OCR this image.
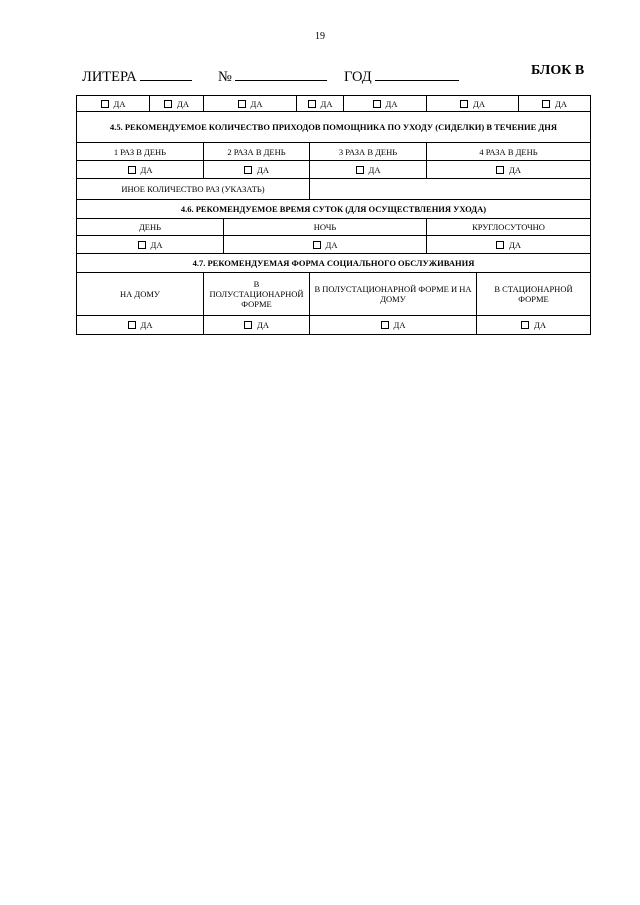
19
ЛИТЕРА	№	ГОД	БЛОК В
ДА	ДА	ДА		ДА		ДА	ДА		ДА
4.5. РЕКОМЕНДУЕМОЕ КОЛИЧЕСТВО ПРИХОДОВ ПОМОЩНИКА ПО УХОДУ (СИДЕЛКИ) В ТЕЧЕНИЕ ДНЯ									
1 РАЗ В ДЕНЬ		2 РАЗА В ДЕНЬ			3 РАЗА В ДЕНЬ		4 РАЗА В ДЕНЬ		
ДА		ДА			ДА		ДА		
ИНОЕ КОЛИЧЕСТВО РАЗ (УКАЗАТЬ)									
4.6. РЕКОМЕНДУЕМОЕ ВРЕМЯ СУТОК (ДЛЯ ОСУЩЕСТВЛЕНИЯ УХОДА)									
ДЕНЬ			НОЧЬ				КРУГЛОСУТОЧНО		
ДА			ДА				ДА		
4.7. РЕКОМЕНДУЕМАЯ ФОРМА СОЦИАЛЬНОГО ОБСЛУЖИВАНИЯ									
НА ДОМУ		В ПОЛУСТАЦИОНАРНОЙ ФОРМЕ			В ПОЛУСТАЦИОНАРНОЙ ФОРМЕ И НА ДОМУ			В СТАЦИОНАРНОЙ ФОРМЕ	
ДА		ДА			ДА			ДА	
